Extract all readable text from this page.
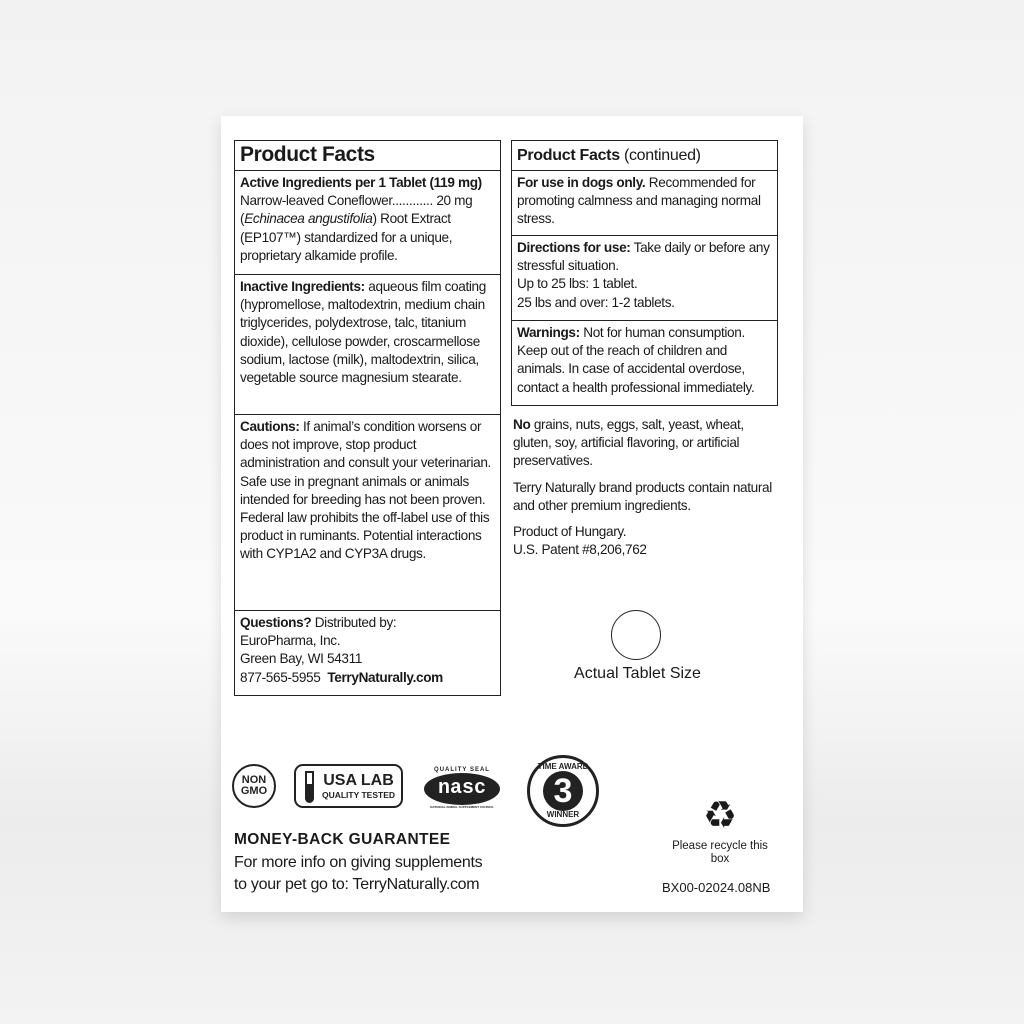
Product Facts
Active Ingredients per 1 Tablet (119 mg)
Narrow-leaved Coneflower............ 20 mg
(Echinacea angustifolia) Root Extract (EP107™) standardized for a unique, proprietary alkamide profile.
Inactive Ingredients: aqueous film coating (hypromellose, maltodextrin, medium chain triglycerides, polydextrose, talc, titanium dioxide), cellulose powder, croscarmellose sodium, lactose (milk), maltodextrin, silica, vegetable source magnesium stearate.
Cautions: If animal’s condition worsens or does not improve, stop product administration and consult your veterinarian. Safe use in pregnant animals or animals intended for breeding has not been proven. Federal law prohibits the off-label use of this product in ruminants. Potential interactions with CYP1A2 and CYP3A drugs.
Questions? Distributed by:
EuroPharma, Inc.
Green Bay, WI 54311
877-565-5955 TerryNaturally.com
Product Facts (continued)
For use in dogs only. Recommended for promoting calmness and managing normal stress.
Directions for use: Take daily or before any stressful situation.
Up to 25 lbs: 1 tablet.
25 lbs and over: 1-2 tablets.
Warnings: Not for human consumption. Keep out of the reach of children and animals. In case of accidental overdose, contact a health professional immediately.

No grains, nuts, eggs, salt, yeast, wheat, gluten, soy, artificial flavoring, or artificial preservatives.

Terry Naturally brand products contain natural and other premium ingredients.

Product of Hungary.
U.S. Patent #8,206,762

Actual Tablet Size
NON GMO
USA LAB
QUALITY TESTED
QUALITY SEAL
nasc
NATIONAL ANIMAL SUPPLEMENT COUNCIL
TIME AWARD
3
WINNER
MONEY-BACK GUARANTEE
For more info on giving supplements
to your pet go to: TerryNaturally.com
♻
Please recycle this box
BX00-02024.08NB
